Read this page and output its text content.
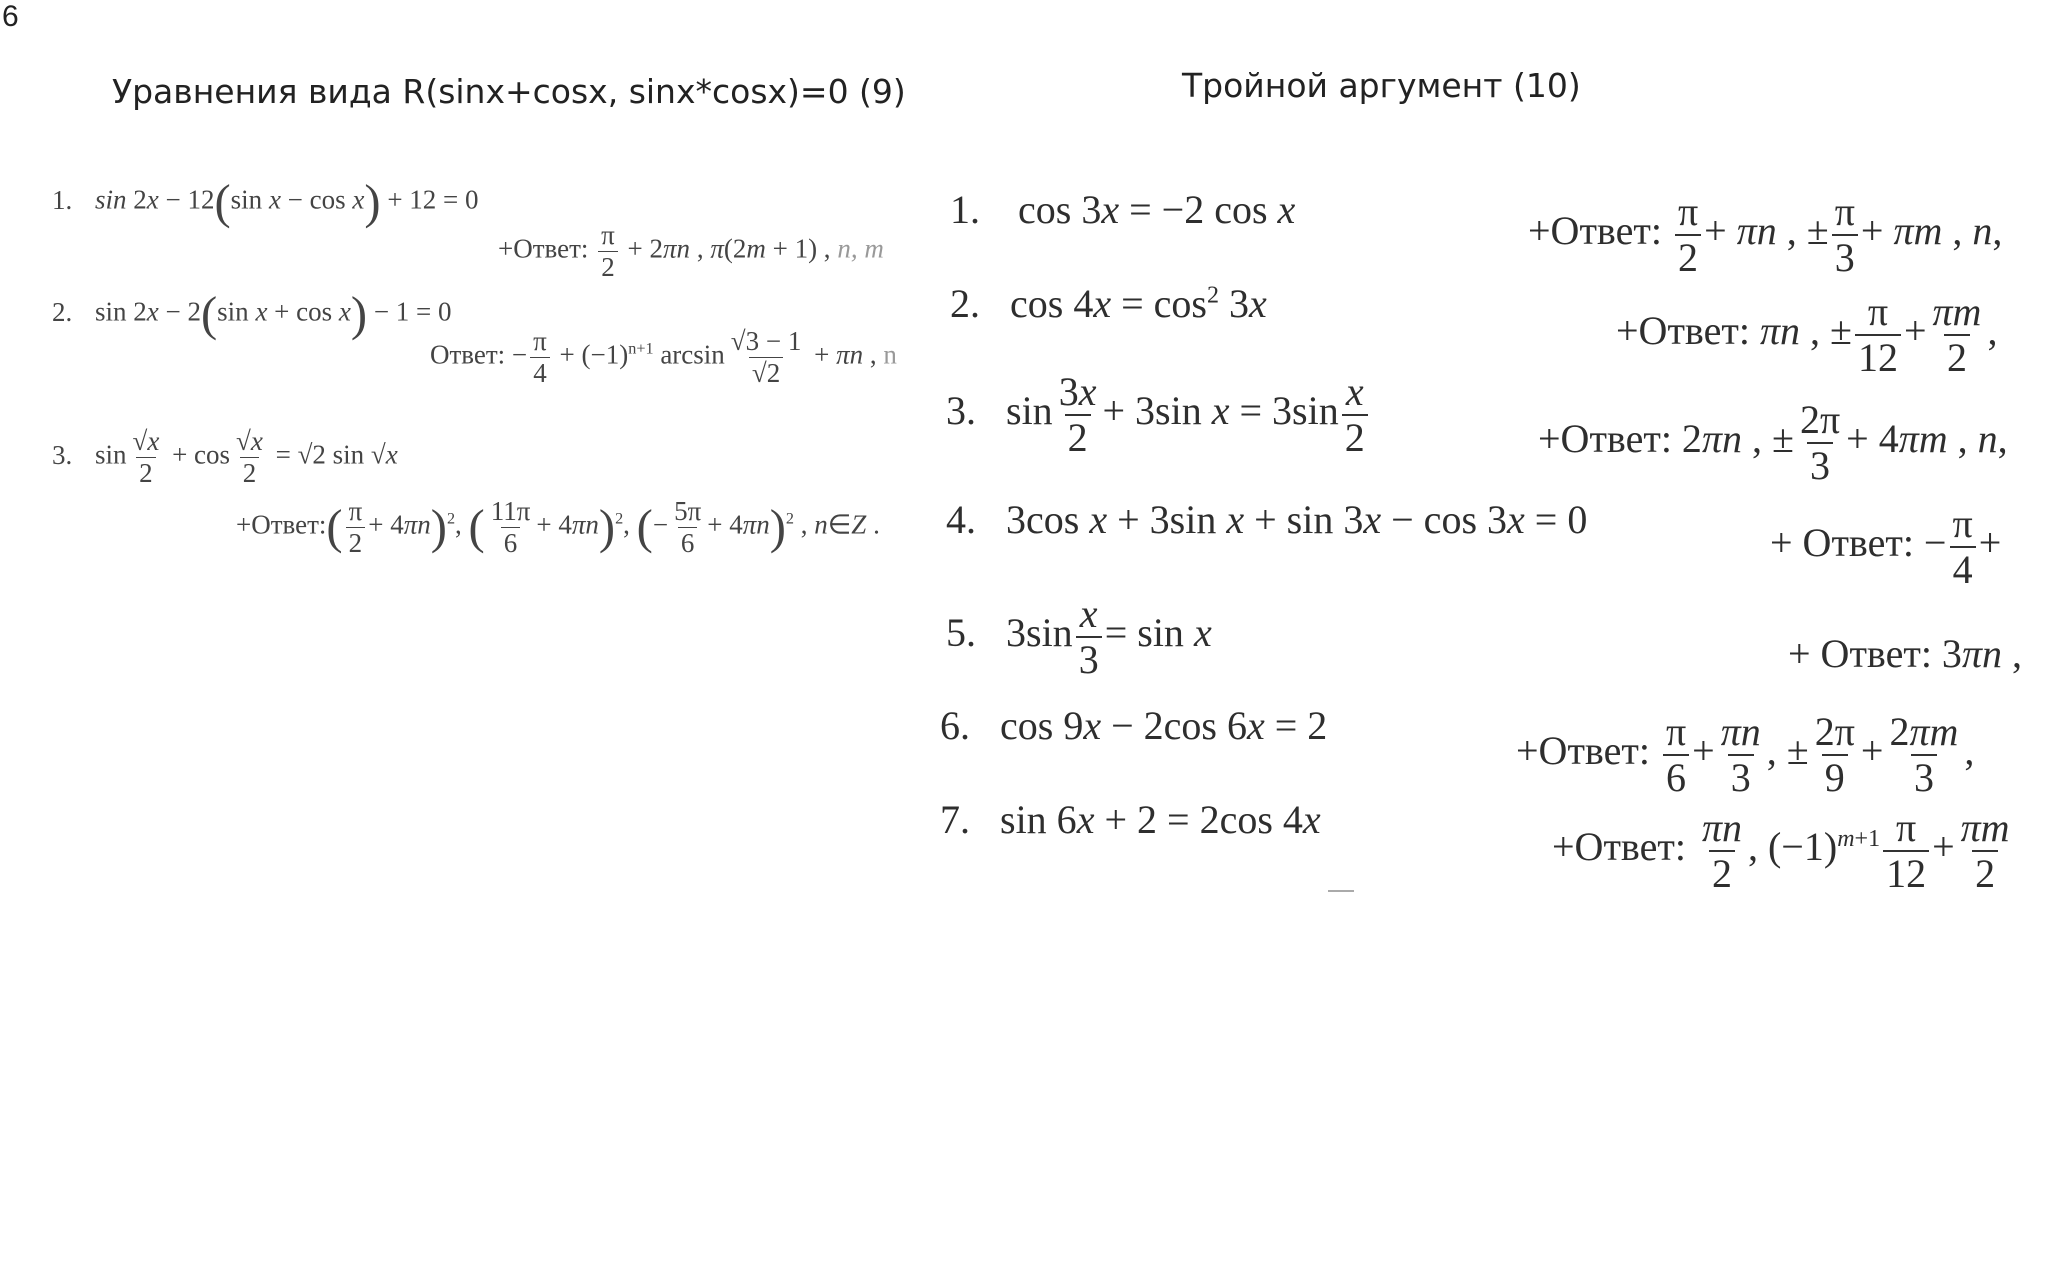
6
Уравнения вида R(sinx+cosx, sinx*cosx)=0 (9)
1. sin 2x − 12(sin x − cos x) + 12 = 0
+Ответ: $\frac{\pi}{2} + 2\pi n$ , π(2m + 1) , n, m
2. sin 2x − 2(sin x + cos x) − 1 = 0
Ответ: − $\frac{\pi}{4} + (-1)^{n+1}$ $\arcsin \frac{√3 - 1}{√2} + \pi n$ , n
3. $\sin \frac{√x}{2} + \cos \frac{√x}{2} = √2$ sin √x
+Ответ:( $\frac{\pi}{2} + 4\pi n)^2$, ( $\frac{11\pi}{6} + 4\pi n)^2$, (− $\frac{5\pi}{6} + 4\pi n)^2$ , n∈Z .
Тройной аргумент (10)
1. cos 3x = −2 cos x	+Ответ: $\frac{\pi}{2} + \pi n$ , ± $\frac{\pi}{3} + \pi m$ , n,
2. $\cos 4x = \cos^2 3x$
+Ответ: πn , ± $\frac{\pi}{12} + \frac{\pi m}{2}$ ,
3. $\sin \frac{3x}{2} + 3\sin$ $x = 3\sin \frac{x}{2}$	+Ответ: 2πn , ± $\frac{2\pi}{3} + 4\pi m$ , n,
4. 3cos x + 3sin x + sin 3x − cos 3x = 0
+ Ответ: − $\frac{\pi}{4}$ +
5. $3\sin \frac{x}{3} = \sin x$	+ Ответ: 3πn ,
6. cos 9x − 2cos 6x = 2
+Ответ: $\frac{\pi}{6} + \frac{\pi n}{3}$ , ± $\frac{2\pi}{9} + \frac{2\pi m}{3}$ ,
7. sin 6x + 2 = 2cos 4x
+Ответ: $\frac{\pi n}{2}$ , $(-1)^{m+1} \frac{\pi}{12} + \frac{\pi m}{2}$
